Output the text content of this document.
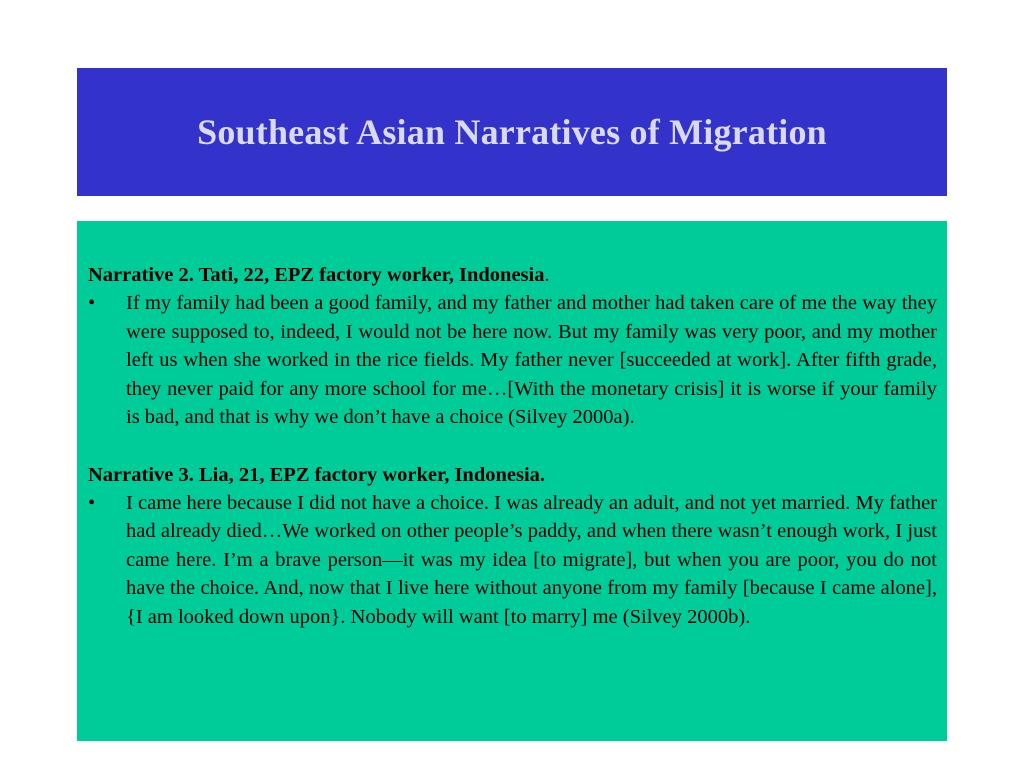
Southeast Asian Narratives of Migration

Narrative 2. Tati, 22, EPZ factory worker, Indonesia.

•	If my family had been a good family, and my father and mother had taken care of me the way they were supposed to, indeed, I would not be here now. But my family was very poor, and my mother left us when she worked in the rice fields. My father never [succeeded at work]. After fifth grade, they never paid for any more school for me…[With the monetary crisis] it is worse if your family is bad, and that is why we don’t have a choice (Silvey 2000a).

Narrative 3. Lia, 21, EPZ factory worker, Indonesia.

•	I came here because I did not have a choice. I was already an adult, and not yet married. My father had already died…We worked on other people’s paddy, and when there wasn’t enough work, I just came here. I’m a brave person—it was my idea [to migrate], but when you are poor, you do not have the choice. And, now that I live here without anyone from my family [because I came alone], {I am looked down upon}. Nobody will want [to marry] me (Silvey 2000b).
